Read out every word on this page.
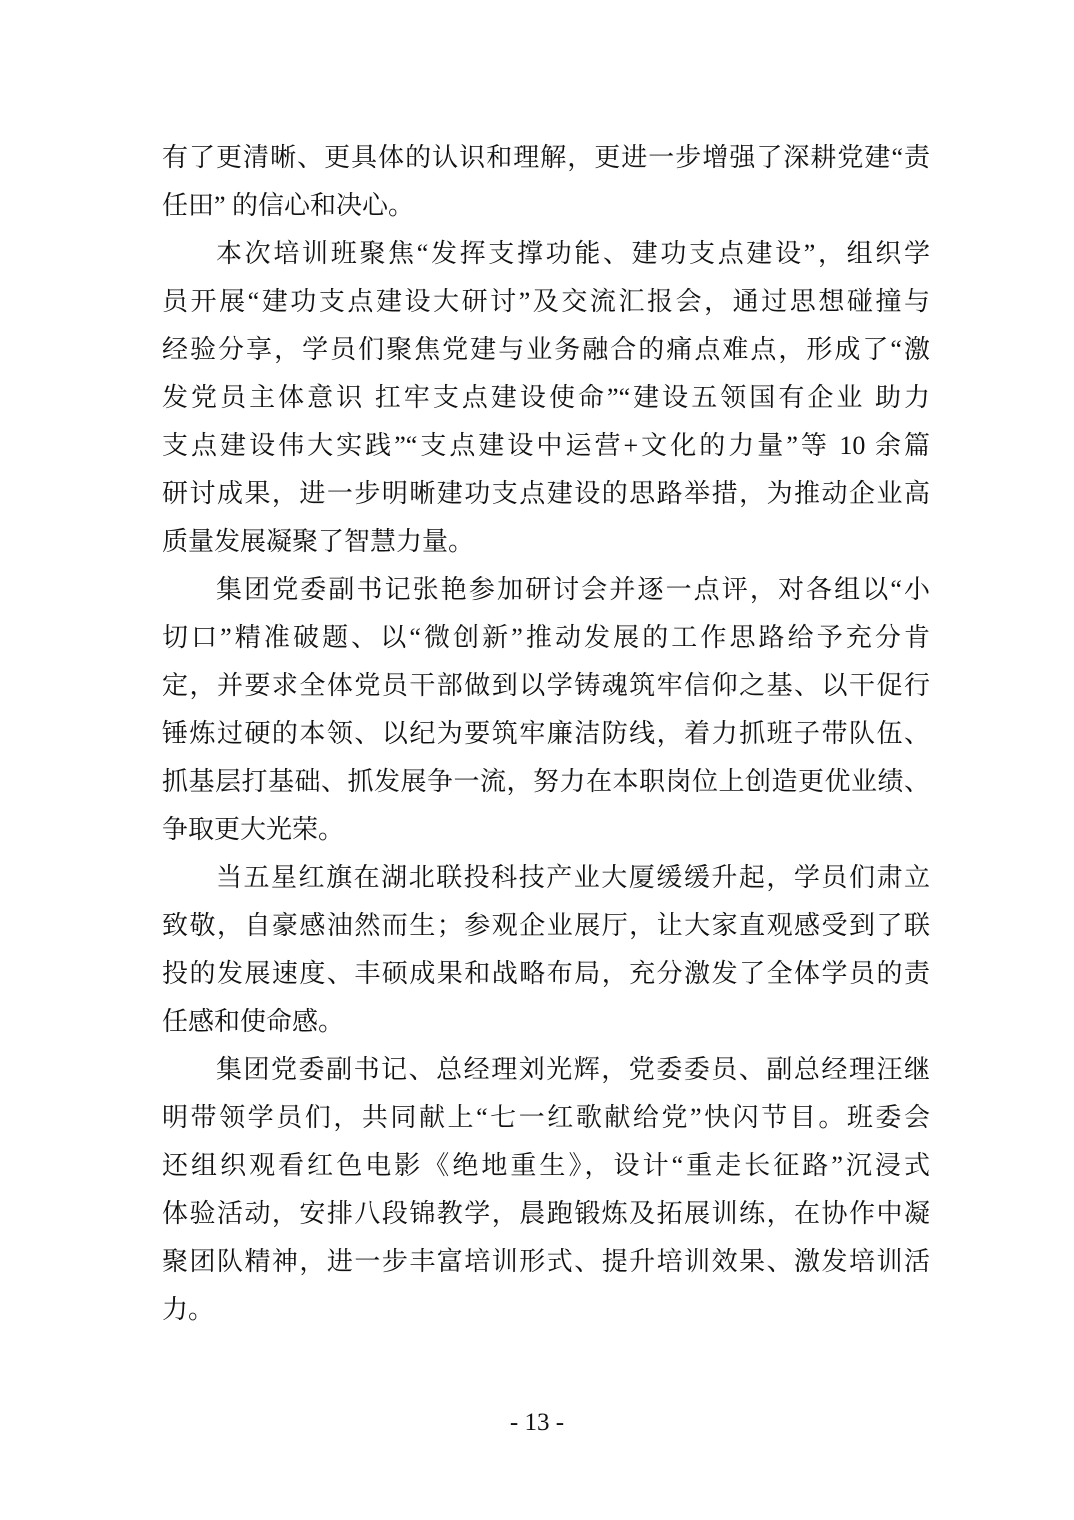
有了更清晰、更具体的认识和理解，更进一步增强了深耕党建“责
任田” 的信心和决心。
本次培训班聚焦“发挥支撑功能、建功支点建设”，组织学
员开展“建功支点建设大研讨”及交流汇报会，通过思想碰撞与
经验分享，学员们聚焦党建与业务融合的痛点难点，形成了“激
发党员主体意识 扛牢支点建设使命”“建设五领国有企业 助力
支点建设伟大实践”“支点建设中运营+文化的力量”等 10 余篇
研讨成果，进一步明晰建功支点建设的思路举措，为推动企业高
质量发展凝聚了智慧力量。
集团党委副书记张艳参加研讨会并逐一点评，对各组以“小
切口”精准破题、以“微创新”推动发展的工作思路给予充分肯
定，并要求全体党员干部做到以学铸魂筑牢信仰之基、以干促行
锤炼过硬的本领、以纪为要筑牢廉洁防线，着力抓班子带队伍、
抓基层打基础、抓发展争一流，努力在本职岗位上创造更优业绩、
争取更大光荣。
当五星红旗在湖北联投科技产业大厦缓缓升起，学员们肃立
致敬，自豪感油然而生；参观企业展厅，让大家直观感受到了联
投的发展速度、丰硕成果和战略布局，充分激发了全体学员的责
任感和使命感。
集团党委副书记、总经理刘光辉，党委委员、副总经理汪继
明带领学员们，共同献上“七一红歌献给党”快闪节目。班委会
还组织观看红色电影《绝地重生》，设计“重走长征路”沉浸式
体验活动，安排八段锦教学，晨跑锻炼及拓展训练，在协作中凝
聚团队精神，进一步丰富培训形式、提升培训效果、激发培训活
力。
- 13 -
